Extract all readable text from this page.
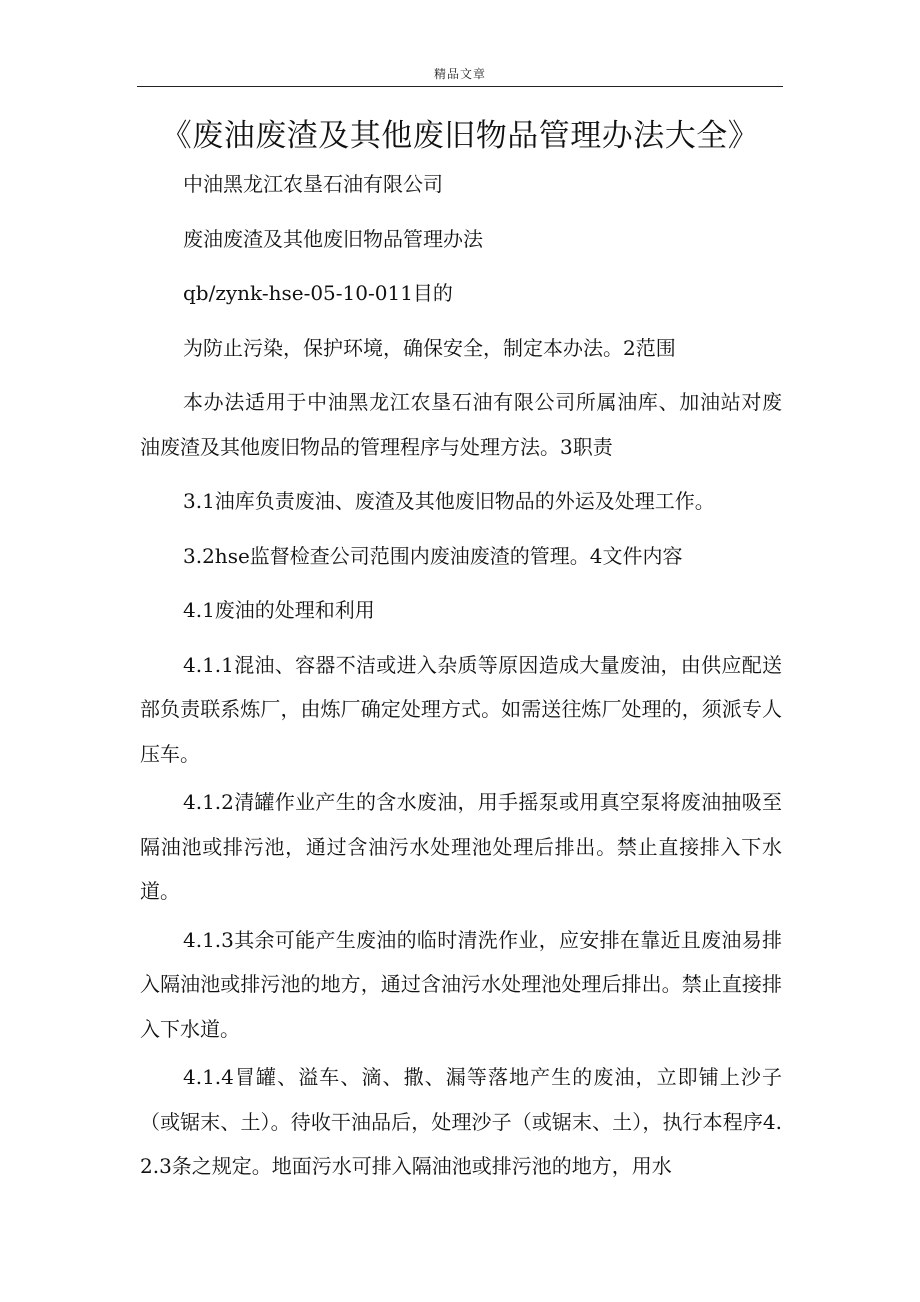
精品文章
《废油废渣及其他废旧物品管理办法大全》

中油黑龙江农垦石油有限公司

废油废渣及其他废旧物品管理办法

qb/zynk-hse-05-10-011目的

为防止污染，保护环境，确保安全，制定本办法。2范围

本办法适用于中油黑龙江农垦石油有限公司所属油库、加油站对废油废渣及其他废旧物品的管理程序与处理方法。3职责

3.1油库负责废油、废渣及其他废旧物品的外运及处理工作。

3.2hse监督检查公司范围内废油废渣的管理。4文件内容

4.1废油的处理和利用

4.1.1混油、容器不洁或进入杂质等原因造成大量废油，由供应配送部负责联系炼厂，由炼厂确定处理方式。如需送往炼厂处理的，须派专人压车。

4.1.2清罐作业产生的含水废油，用手摇泵或用真空泵将废油抽吸至隔油池或排污池，通过含油污水处理池处理后排出。禁止直接排入下水道。

4.1.3其余可能产生废油的临时清洗作业，应安排在靠近且废油易排入隔油池或排污池的地方，通过含油污水处理池处理后排出。禁止直接排入下水道。

4.1.4冒罐、溢车、滴、撒、漏等落地产生的废油，立即铺上沙子（或锯末、土）。待收干油品后，处理沙子（或锯末、土），执行本程序4.2.3条之规定。地面污水可排入隔油池或排污池的地方，用水
